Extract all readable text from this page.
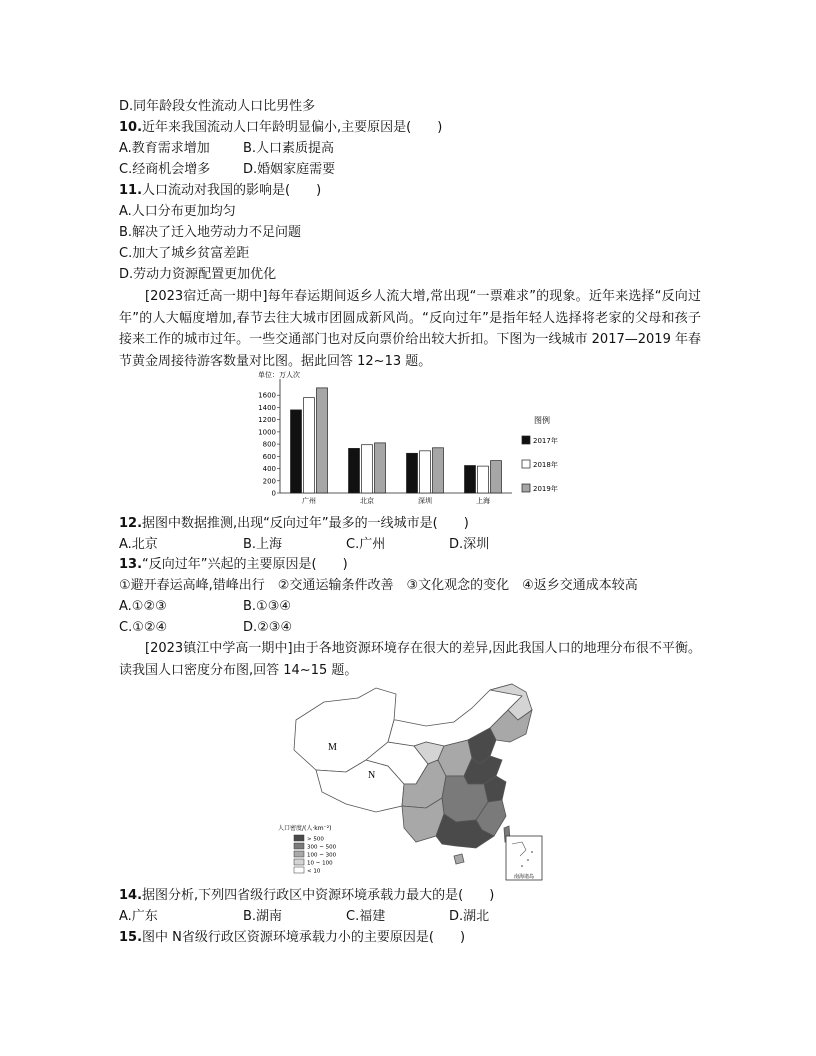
D.同年龄段女性流动人口比男性多
10.近年来我国流动人口年龄明显偏小,主要原因是(　　)
A.教育需求增加	B.人口素质提高
C.经商机会增多	D.婚姻家庭需要
11.人口流动对我国的影响是(　　)
A.人口分布更加均匀
B.解决了迁入地劳动力不足问题
C.加大了城乡贫富差距
D.劳动力资源配置更加优化
[2023宿迁高一期中]每年春运期间返乡人流大增,常出现“一票难求”的现象。近年来选择“反向过年”的人大幅度增加,春节去往大城市团圆成新风尚。“反向过年”是指年轻人选择将老家的父母和孩子接来工作的城市过年。一些交通部门也对反向票价给出较大折扣。下图为一线城市 2017—2019 年春节黄金周接待游客数量对比图。据此回答 12~13 题。
单位：万人次
0
200
400
600
800
1000
1200
1400
1600
广州	北京	深圳	上海
图例
2017年
2018年
2019年
12.据图中数据推测,出现“反向过年”最多的一线城市是(　　)
A.北京	B.上海	C.广州	D.深圳
13.“反向过年”兴起的主要原因是(　　)
①避开春运高峰,错峰出行　②交通运输条件改善　③文化观念的变化　④返乡交通成本较高
A.①②③	B.①③④
C.①②④	D.②③④
[2023镇江中学高一期中]由于各地资源环境存在很大的差异,因此我国人口的地理分布很不平衡。读我国人口密度分布图,回答 14~15 题。
M
N
人口密度/(人·km⁻²)
> 500
300 ~ 500
100 ~ 300
10 ~ 100
< 10
南海诸岛
14.据图分析,下列四省级行政区中资源环境承载力最大的是(　　)
A.广东	B.湖南	C.福建	D.湖北
15.图中 N省级行政区资源环境承载力小的主要原因是(　　)
